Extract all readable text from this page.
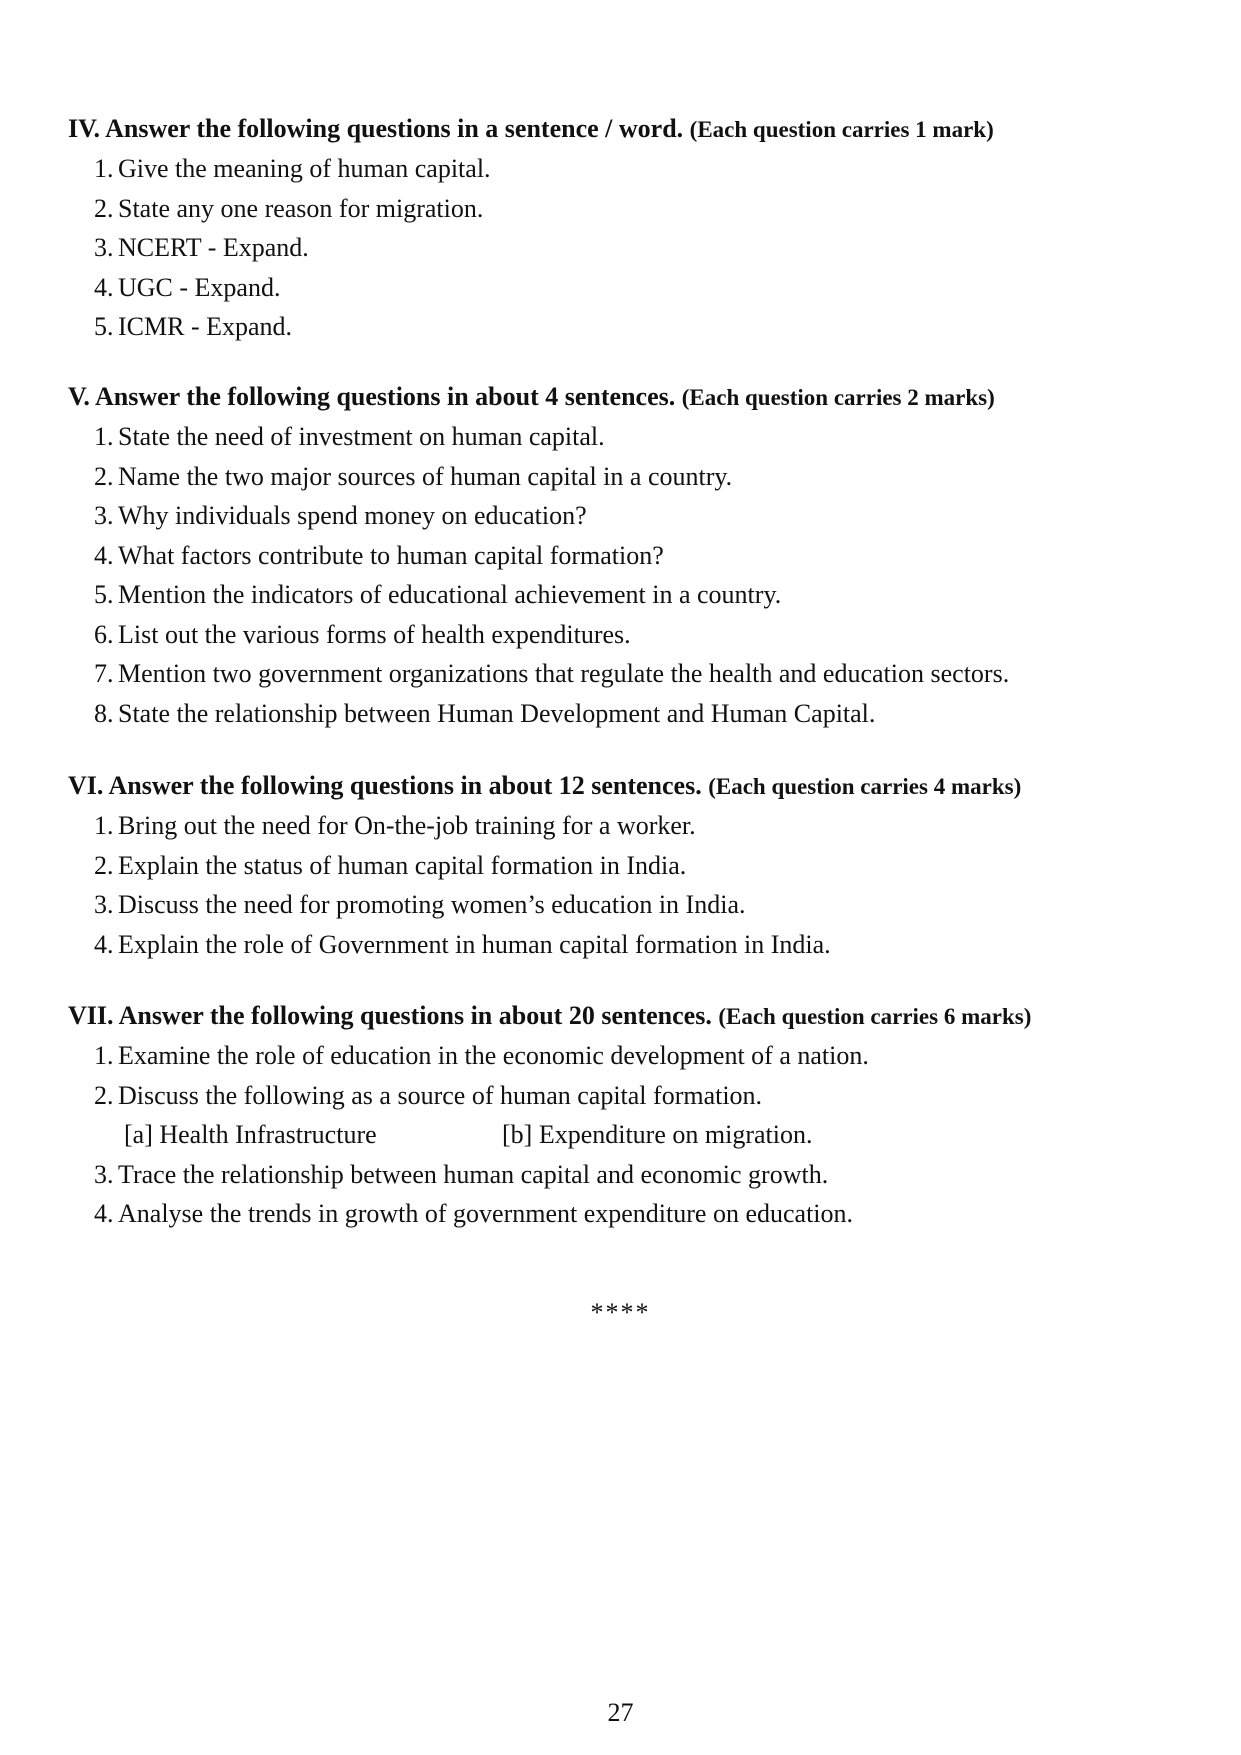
IV. Answer the following questions in a sentence / word. (Each question carries 1 mark)
1. Give the meaning of human capital.
2. State any one reason for migration.
3. NCERT - Expand.
4. UGC - Expand.
5. ICMR - Expand.
V. Answer the following questions in about 4 sentences. (Each question carries 2 marks)
1. State the need of investment on human capital.
2. Name the two major sources of human capital in a country.
3. Why individuals spend money on education?
4. What factors contribute to human capital formation?
5. Mention the indicators of educational achievement in a country.
6. List out the various forms of health expenditures.
7. Mention two government organizations that regulate the health and education sectors.
8. State the relationship between Human Development and Human Capital.
VI. Answer the following questions in about 12 sentences. (Each question carries 4 marks)
1. Bring out the need for On-the-job training for a worker.
2. Explain the status of human capital formation in India.
3. Discuss the need for promoting women’s education in India.
4. Explain the role of Government in human capital formation in India.
VII. Answer the following questions in about 20 sentences. (Each question carries 6 marks)
1. Examine the role of education in the economic development of a nation.
2. Discuss the following as a source of human capital formation.
[a] Health Infrastructure	[b] Expenditure on migration.
3. Trace the relationship between human capital and economic growth.
4. Analyse the trends in growth of government expenditure on education.
****
27
